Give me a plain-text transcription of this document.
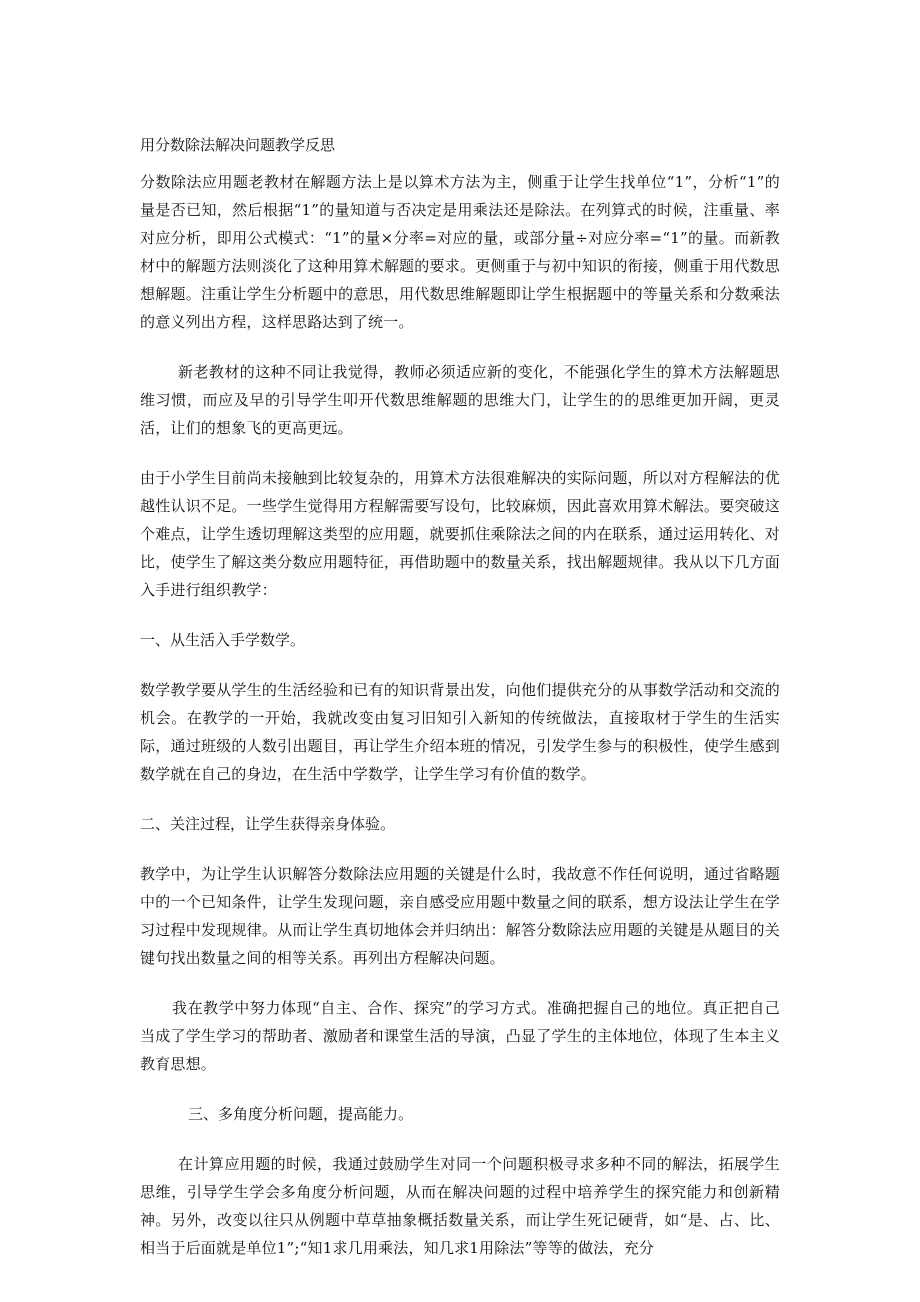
用分数除法解决问题教学反思

分数除法应用题老教材在解题方法上是以算术方法为主，侧重于让学生找单位“1”，分析“1”的量是否已知，然后根据“1”的量知道与否决定是用乘法还是除法。在列算式的时候，注重量、率对应分析，即用公式模式：“1”的量×分率=对应的量，或部分量÷对应分率=“1”的量。而新教材中的解题方法则淡化了这种用算术解题的要求。更侧重于与初中知识的衔接，侧重于用代数思想解题。注重让学生分析题中的意思，用代数思维解题即让学生根据题中的等量关系和分数乘法的意义列出方程，这样思路达到了统一。

新老教材的这种不同让我觉得，教师必须适应新的变化，不能强化学生的算术方法解题思维习惯，而应及早的引导学生叩开代数思维解题的思维大门，让学生的的思维更加开阔，更灵活，让们的想象飞的更高更远。

由于小学生目前尚未接触到比较复杂的，用算术方法很难解决的实际问题，所以对方程解法的优越性认识不足。一些学生觉得用方程解需要写设句，比较麻烦，因此喜欢用算术解法。要突破这个难点，让学生透切理解这类型的应用题，就要抓住乘除法之间的内在联系，通过运用转化、对比，使学生了解这类分数应用题特征，再借助题中的数量关系，找出解题规律。我从以下几方面入手进行组织教学：

一、从生活入手学数学。

数学教学要从学生的生活经验和已有的知识背景出发，向他们提供充分的从事数学活动和交流的机会。在教学的一开始，我就改变由复习旧知引入新知的传统做法，直接取材于学生的生活实际，通过班级的人数引出题目，再让学生介绍本班的情况，引发学生参与的积极性，使学生感到数学就在自己的身边，在生活中学数学，让学生学习有价值的数学。

二、关注过程，让学生获得亲身体验。

教学中，为让学生认识解答分数除法应用题的关键是什么时，我故意不作任何说明，通过省略题中的一个已知条件，让学生发现问题，亲自感受应用题中数量之间的联系，想方设法让学生在学习过程中发现规律。从而让学生真切地体会并归纳出：解答分数除法应用题的关键是从题目的关键句找出数量之间的相等关系。再列出方程解决问题。

我在教学中努力体现“自主、合作、探究”的学习方式。准确把握自己的地位。真正把自己当成了学生学习的帮助者、激励者和课堂生活的导演，凸显了学生的主体地位，体现了生本主义教育思想。

三、多角度分析问题，提高能力。

在计算应用题的时候，我通过鼓励学生对同一个问题积极寻求多种不同的解法，拓展学生思维，引导学生学会多角度分析问题，从而在解决问题的过程中培养学生的探究能力和创新精神。另外，改变以往只从例题中草草抽象概括数量关系，而让学生死记硬背，如“是、占、比、相当于后面就是单位1”;“知1求几用乘法，知几求1用除法”等等的做法，充分
